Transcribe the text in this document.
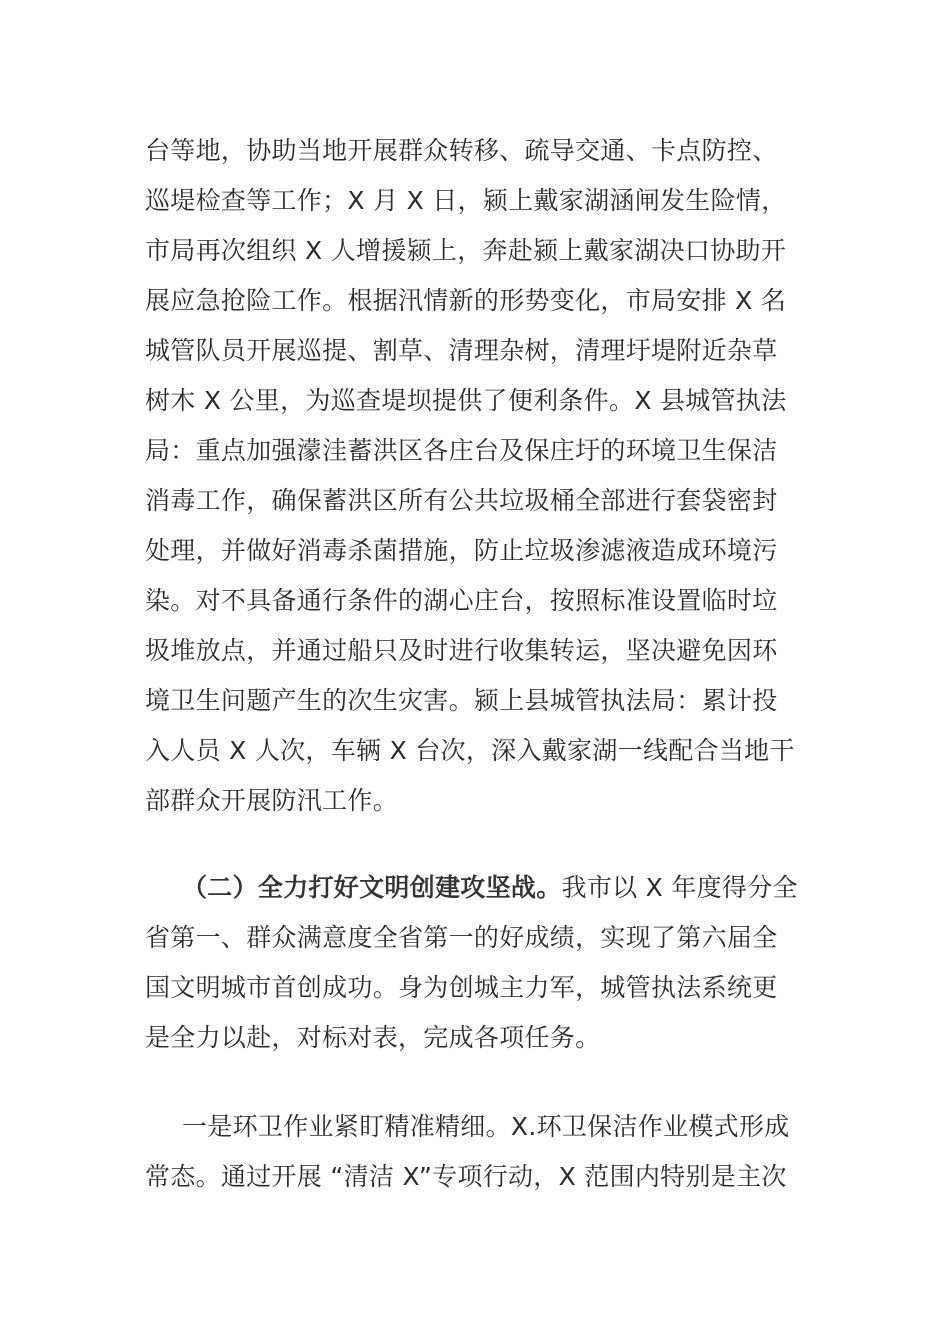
台等地，协助当地开展群众转移、疏导交通、卡点防控、
巡堤检查等工作；X 月 X 日，颍上戴家湖涵闸发生险情，
市局再次组织 X 人增援颍上，奔赴颍上戴家湖决口协助开
展应急抢险工作。根据汛情新的形势变化，市局安排 X 名
城管队员开展巡提、割草、清理杂树，清理圩堤附近杂草
树木 X 公里，为巡查堤坝提供了便利条件。X 县城管执法
局：重点加强濛洼蓄洪区各庄台及保庄圩的环境卫生保洁
消毒工作，确保蓄洪区所有公共垃圾桶全部进行套袋密封
处理，并做好消毒杀菌措施，防止垃圾渗滤液造成环境污
染。对不具备通行条件的湖心庄台，按照标准设置临时垃
圾堆放点，并通过船只及时进行收集转运，坚决避免因环
境卫生问题产生的次生灾害。颍上县城管执法局：累计投
入人员 X 人次，车辆 X 台次，深入戴家湖一线配合当地干
部群众开展防汛工作。
（二）全力打好文明创建攻坚战。我市以 X 年度得分全
省第一、群众满意度全省第一的好成绩，实现了第六届全
国文明城市首创成功。身为创城主力军，城管执法系统更
是全力以赴，对标对表，完成各项任务。
一是环卫作业紧盯精准精细。X.环卫保洁作业模式形成
常态。通过开展 “清洁 X”专项行动，X 范围内特别是主次
